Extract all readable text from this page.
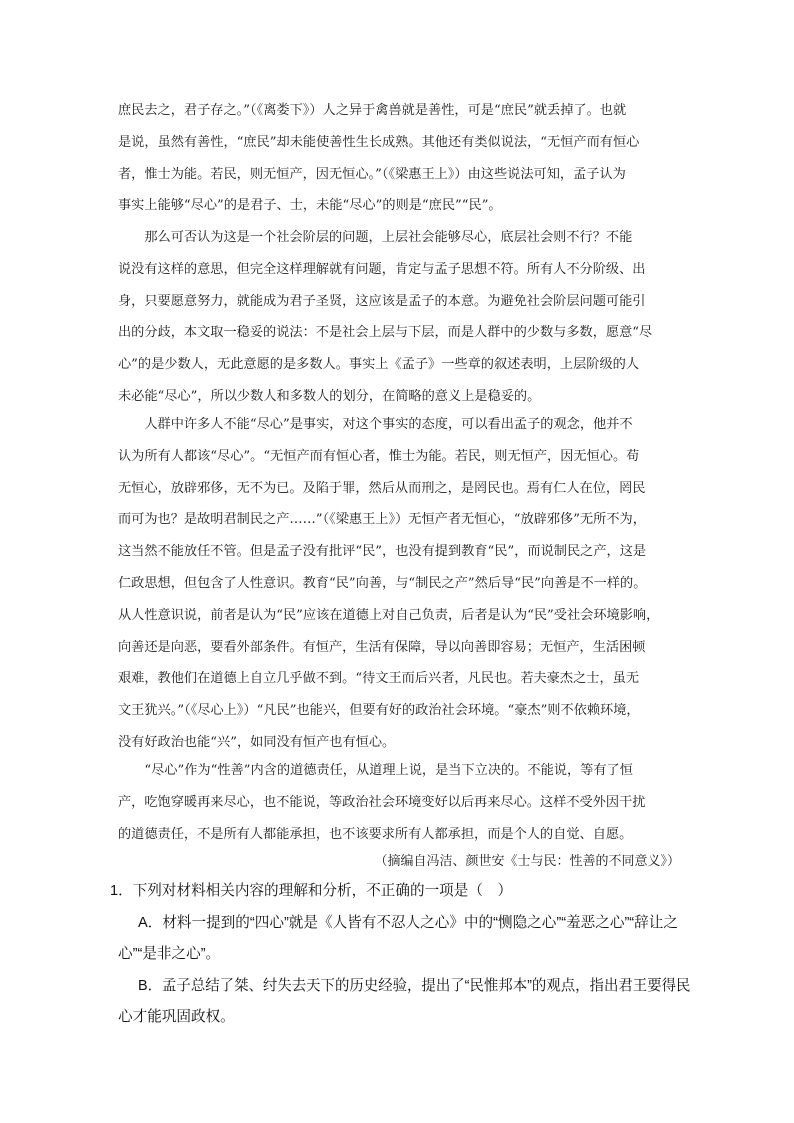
庶民去之，君子存之。”（《离娄下》）人之异于禽兽就是善性，可是“庶民”就丢掉了。也就
是说，虽然有善性，“庶民”却未能使善性生长成熟。其他还有类似说法，“无恒产而有恒心
者，惟士为能。若民，则无恒产，因无恒心。”（《梁惠王上》）由这些说法可知，孟子认为
事实上能够“尽心”的是君子、士，未能“尽心”的则是“庶民”“民”。
　　那么可否认为这是一个社会阶层的问题，上层社会能够尽心，底层社会则不行？不能
说没有这样的意思，但完全这样理解就有问题，肯定与孟子思想不符。所有人不分阶级、出
身，只要愿意努力，就能成为君子圣贤，这应该是孟子的本意。为避免社会阶层问题可能引
出的分歧，本文取一稳妥的说法：不是社会上层与下层，而是人群中的少数与多数，愿意“尽
心”的是少数人，无此意愿的是多数人。事实上《孟子》一些章的叙述表明，上层阶级的人
未必能“尽心”，所以少数人和多数人的划分，在简略的意义上是稳妥的。
　　人群中许多人不能“尽心”是事实，对这个事实的态度，可以看出孟子的观念，他并不
认为所有人都该“尽心”。“无恒产而有恒心者，惟士为能。若民，则无恒产，因无恒心。苟
无恒心，放辟邪侈，无不为已。及陷于罪，然后从而刑之，是罔民也。焉有仁人在位，罔民
而可为也？是故明君制民之产……”（《梁惠王上》）无恒产者无恒心，“放辟邪侈”无所不为，
这当然不能放任不管。但是孟子没有批评“民”，也没有提到教育“民”，而说制民之产，这是
仁政思想，但包含了人性意识。教育“民”向善，与“制民之产”然后导“民”向善是不一样的。
从人性意识说，前者是认为“民”应该在道德上对自己负责，后者是认为“民”受社会环境影响，
向善还是向恶，要看外部条件。有恒产，生活有保障，导以向善即容易；无恒产，生活困顿
艰难，教他们在道德上自立几乎做不到。“待文王而后兴者，凡民也。若夫豪杰之士，虽无
文王犹兴。”（《尽心上》）“凡民”也能兴，但要有好的政治社会环境。“豪杰”则不依赖环境，
没有好政治也能“兴”，如同没有恒产也有恒心。
　　“尽心”作为“性善”内含的道德责任，从道理上说，是当下立决的。不能说，等有了恒
产，吃饱穿暖再来尽心，也不能说，等政治社会环境变好以后再来尽心。这样不受外因干扰
的道德责任，不是所有人都能承担，也不该要求所有人都承担，而是个人的自觉、自愿。
（摘编自冯洁、颜世安《士与民：性善的不同意义》）
1．下列对材料相关内容的理解和分析，不正确的一项是（　）
A．材料一提到的“四心”就是《人皆有不忍人之心》中的“恻隐之心”“羞恶之心”“辞让之
心”“是非之心”。
B．孟子总结了桀、纣失去天下的历史经验，提出了“民惟邦本”的观点，指出君王要得民
心才能巩固政权。
